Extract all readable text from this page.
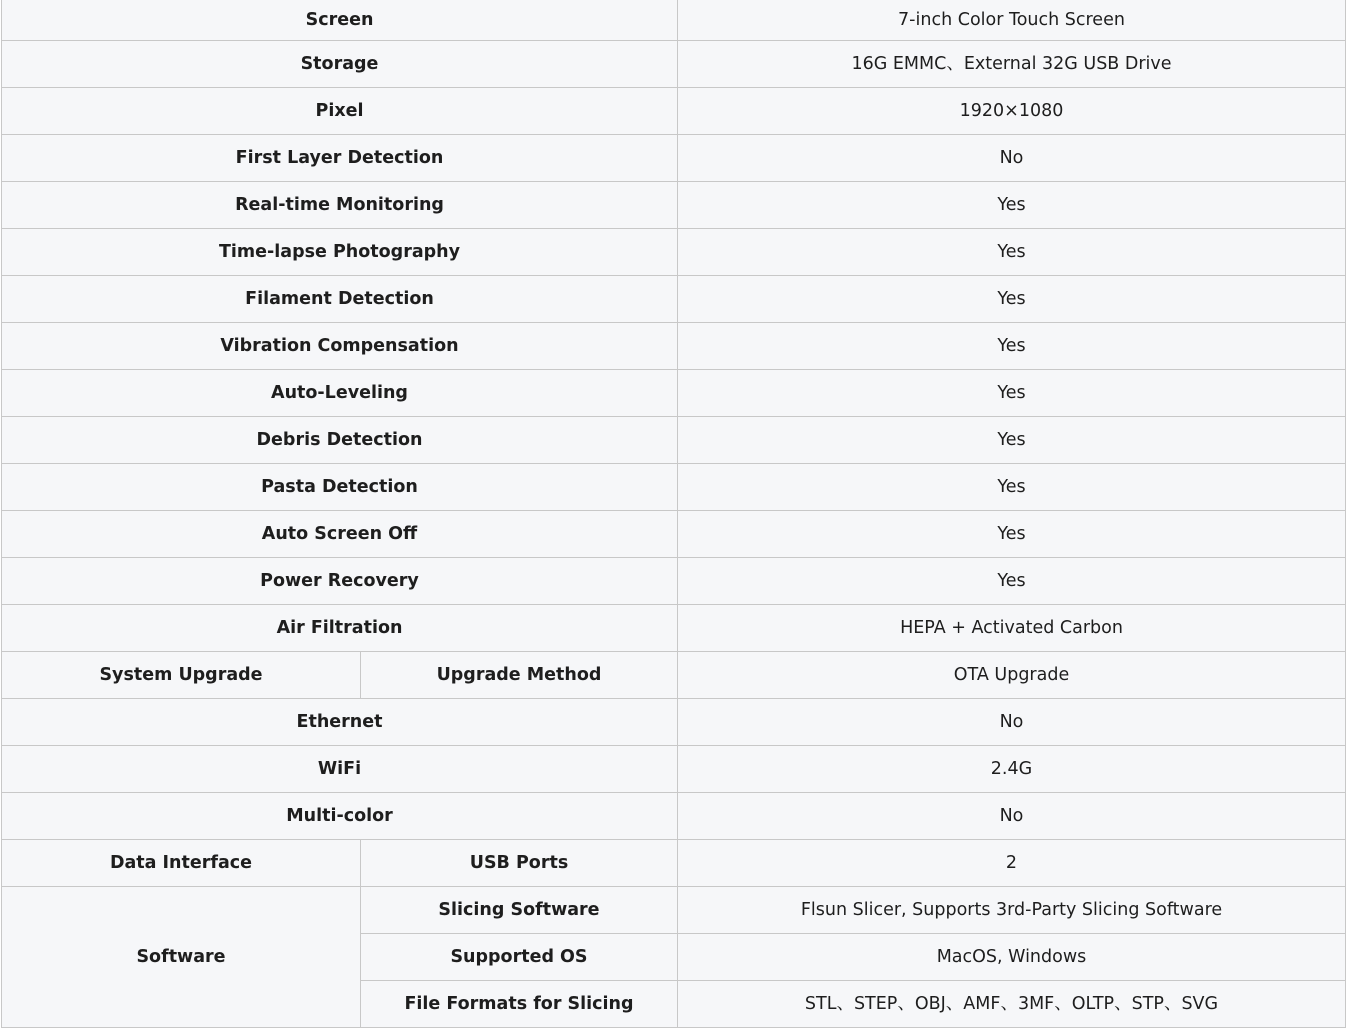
Screen		7-inch Color Touch Screen
Storage		16G EMMC、External 32G USB Drive
Pixel		1920×1080
First Layer Detection		No
Real-time Monitoring		Yes
Time-lapse Photography		Yes
Filament Detection		Yes
Vibration Compensation		Yes
Auto-Leveling		Yes
Debris Detection		Yes
Pasta Detection		Yes
Auto Screen Off		Yes
Power Recovery		Yes
Air Filtration		HEPA + Activated Carbon
System Upgrade	Upgrade Method	OTA Upgrade
Ethernet		No
WiFi		2.4G
Multi-color		No
Data Interface	USB Ports	2
Software	Slicing Software	Flsun Slicer, Supports 3rd-Party Slicing Software
	Supported OS	MacOS, Windows
	File Formats for Slicing	STL、STEP、OBJ、AMF、3MF、OLTP、STP、SVG
